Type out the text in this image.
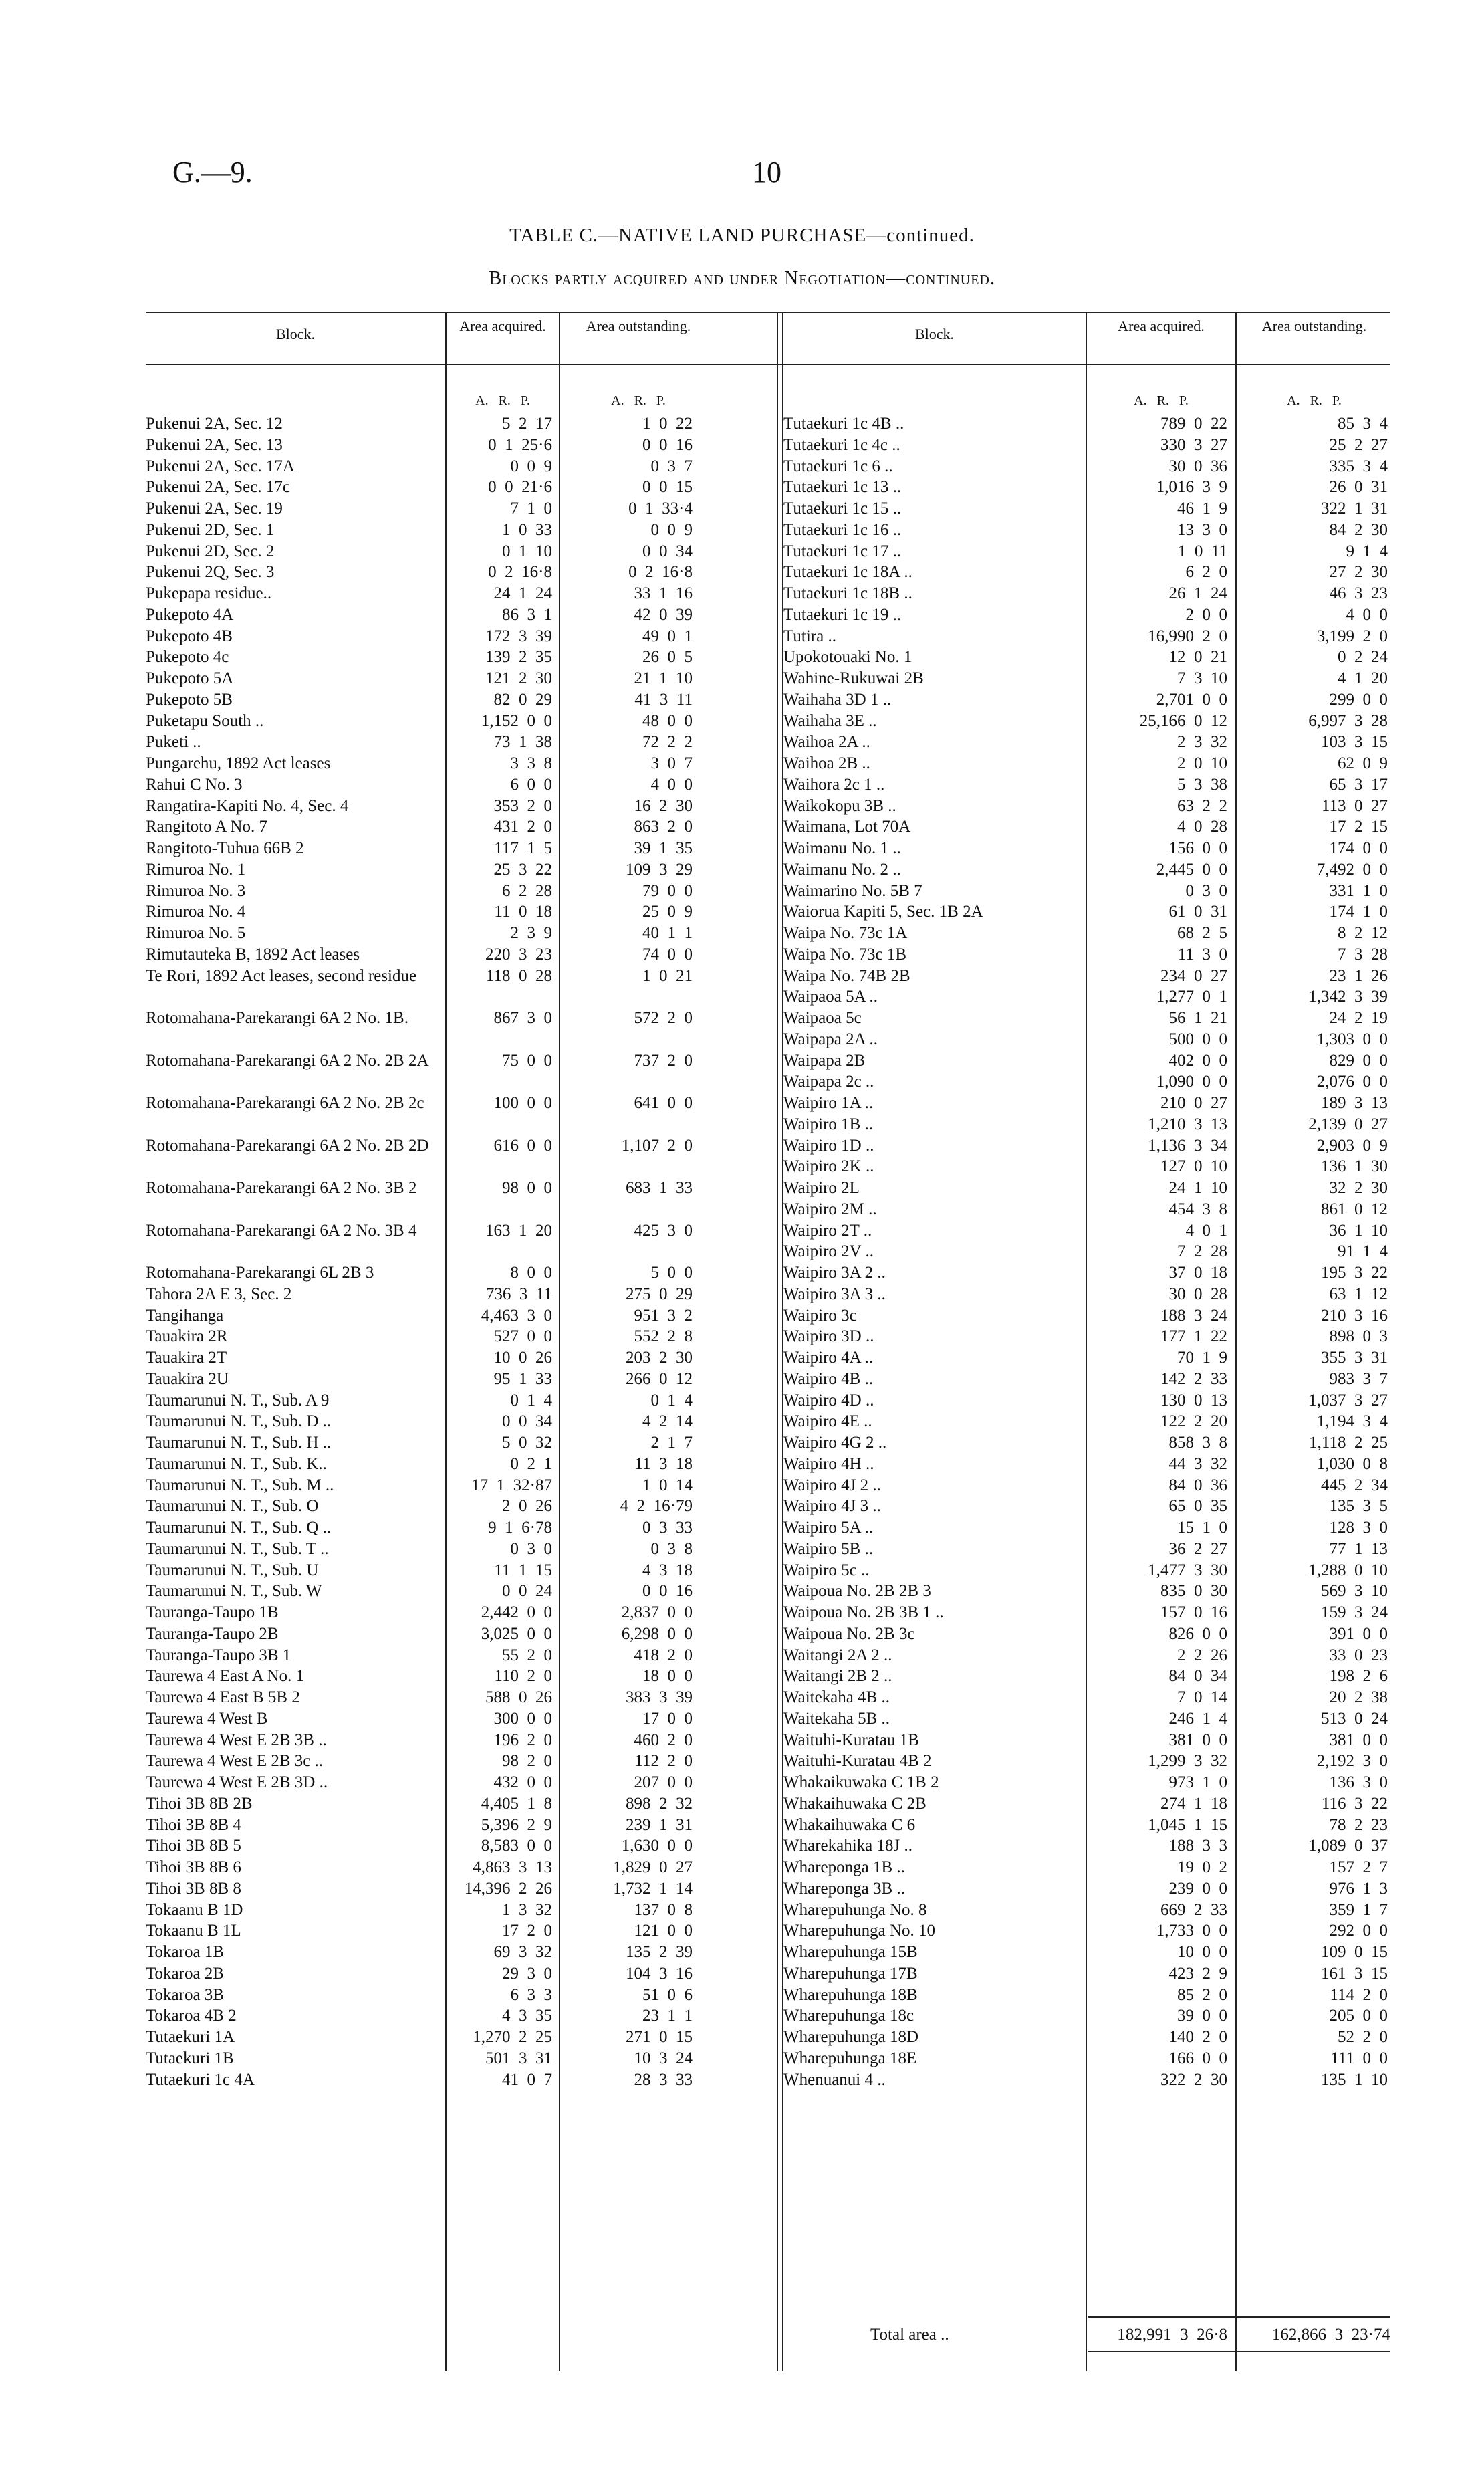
G.—9.	10
TABLE C.—NATIVE LAND PURCHASE—continued.
Blocks partly acquired and under Negotiation—continued.
Block.	Area acquired.	Area outstanding.	Block.	Area acquired.	Area outstanding.
A.   R.   P.	A.   R.   P.	A.   R.   P.	A.   R.   P.
Pukenui 2A, Sec. 12	5  2  17	1  0  22
Pukenui 2A, Sec. 13	0  1  25·6	0  0  16
Pukenui 2A, Sec. 17A	0  0  9	0  3  7
Pukenui 2A, Sec. 17c	0  0  21·6	0  0  15
Pukenui 2A, Sec. 19	7  1  0	0  1  33·4
Pukenui 2D, Sec. 1	1  0  33	0  0  9
Pukenui 2D, Sec. 2	0  1  10	0  0  34
Pukenui 2Q, Sec. 3	0  2  16·8	0  2  16·8
Pukepapa residue..	24  1  24	33  1  16
Pukepoto 4A	86  3  1	42  0  39
Pukepoto 4B	172  3  39	49  0  1
Pukepoto 4c	139  2  35	26  0  5
Pukepoto 5A	121  2  30	21  1  10
Pukepoto 5B	82  0  29	41  3  11
Puketapu South ..	1,152  0  0	48  0  0
Puketi ..	73  1  38	72  2  2
Pungarehu, 1892 Act leases	3  3  8	3  0  7
Rahui C No. 3	6  0  0	4  0  0
Rangatira-Kapiti No. 4, Sec. 4	353  2  0	16  2  30
Rangitoto A No. 7	431  2  0	863  2  0
Rangitoto-Tuhua 66B 2	117  1  5	39  1  35
Rimuroa No. 1	25  3  22	109  3  29
Rimuroa No. 3	6  2  28	79  0  0
Rimuroa No. 4	11  0  18	25  0  9
Rimuroa No. 5	2  3  9	40  1  1
Rimutauteka B, 1892 Act leases	220  3  23	74  0  0
Te Rori, 1892 Act leases, second residue	118  0  28	1  0  21
Rotomahana-Parekarangi 6A 2 No. 1B.	867  3  0	572  2  0
Rotomahana-Parekarangi 6A 2 No. 2B 2A	75  0  0	737  2  0
Rotomahana-Parekarangi 6A 2 No. 2B 2c	100  0  0	641  0  0
Rotomahana-Parekarangi 6A 2 No. 2B 2D	616  0  0	1,107  2  0
Rotomahana-Parekarangi 6A 2 No. 3B 2	98  0  0	683  1  33
Rotomahana-Parekarangi 6A 2 No. 3B 4	163  1  20	425  3  0
Rotomahana-Parekarangi 6L 2B 3	8  0  0	5  0  0
Tahora 2A E 3, Sec. 2	736  3  11	275  0  29
Tangihanga	4,463  3  0	951  3  2
Tauakira 2R	527  0  0	552  2  8
Tauakira 2T	10  0  26	203  2  30
Tauakira 2U	95  1  33	266  0  12
Taumarunui N. T., Sub. A 9	0  1  4	0  1  4
Taumarunui N. T., Sub. D ..	0  0  34	4  2  14
Taumarunui N. T., Sub. H ..	5  0  32	2  1  7
Taumarunui N. T., Sub. K..	0  2  1	11  3  18
Taumarunui N. T., Sub. M ..	17  1  32·87	1  0  14
Taumarunui N. T., Sub. O	2  0  26	4  2  16·79
Taumarunui N. T., Sub. Q ..	9  1  6·78	0  3  33
Taumarunui N. T., Sub. T ..	0  3  0	0  3  8
Taumarunui N. T., Sub. U	11  1  15	4  3  18
Taumarunui N. T., Sub. W	0  0  24	0  0  16
Tauranga-Taupo 1B	2,442  0  0	2,837  0  0
Tauranga-Taupo 2B	3,025  0  0	6,298  0  0
Tauranga-Taupo 3B 1	55  2  0	418  2  0
Taurewa 4 East A No. 1	110  2  0	18  0  0
Taurewa 4 East B 5B 2	588  0  26	383  3  39
Taurewa 4 West B	300  0  0	17  0  0
Taurewa 4 West E 2B 3B ..	196  2  0	460  2  0
Taurewa 4 West E 2B 3c ..	98  2  0	112  2  0
Taurewa 4 West E 2B 3D ..	432  0  0	207  0  0
Tihoi 3B 8B 2B	4,405  1  8	898  2  32
Tihoi 3B 8B 4	5,396  2  9	239  1  31
Tihoi 3B 8B 5	8,583  0  0	1,630  0  0
Tihoi 3B 8B 6	4,863  3  13	1,829  0  27
Tihoi 3B 8B 8	14,396  2  26	1,732  1  14
Tokaanu B 1D	1  3  32	137  0  8
Tokaanu B 1L	17  2  0	121  0  0
Tokaroa 1B	69  3  32	135  2  39
Tokaroa 2B	29  3  0	104  3  16
Tokaroa 3B	6  3  3	51  0  6
Tokaroa 4B 2	4  3  35	23  1  1
Tutaekuri 1A	1,270  2  25	271  0  15
Tutaekuri 1B	501  3  31	10  3  24
Tutaekuri 1c 4A	41  0  7	28  3  33
Tutaekuri 1c 4B ..	789  0  22	85  3  4
Tutaekuri 1c 4c ..	330  3  27	25  2  27
Tutaekuri 1c 6 ..	30  0  36	335  3  4
Tutaekuri 1c 13 ..	1,016  3  9	26  0  31
Tutaekuri 1c 15 ..	46  1  9	322  1  31
Tutaekuri 1c 16 ..	13  3  0	84  2  30
Tutaekuri 1c 17 ..	1  0  11	9  1  4
Tutaekuri 1c 18A ..	6  2  0	27  2  30
Tutaekuri 1c 18B ..	26  1  24	46  3  23
Tutaekuri 1c 19 ..	2  0  0	4  0  0
Tutira ..	16,990  2  0	3,199  2  0
Upokotouaki No. 1	12  0  21	0  2  24
Wahine-Rukuwai 2B	7  3  10	4  1  20
Waihaha 3D 1 ..	2,701  0  0	299  0  0
Waihaha 3E ..	25,166  0  12	6,997  3  28
Waihoa 2A ..	2  3  32	103  3  15
Waihoa 2B ..	2  0  10	62  0  9
Waihora 2c 1 ..	5  3  38	65  3  17
Waikokopu 3B ..	63  2  2	113  0  27
Waimana, Lot 70A	4  0  28	17  2  15
Waimanu No. 1 ..	156  0  0	174  0  0
Waimanu No. 2 ..	2,445  0  0	7,492  0  0
Waimarino No. 5B 7	0  3  0	331  1  0
Waiorua Kapiti 5, Sec. 1B 2A	61  0  31	174  1  0
Waipa No. 73c 1A	68  2  5	8  2  12
Waipa No. 73c 1B	11  3  0	7  3  28
Waipa No. 74B 2B	234  0  27	23  1  26
Waipaoa 5A ..	1,277  0  1	1,342  3  39
Waipaoa 5c	56  1  21	24  2  19
Waipapa 2A ..	500  0  0	1,303  0  0
Waipapa 2B	402  0  0	829  0  0
Waipapa 2c ..	1,090  0  0	2,076  0  0
Waipiro 1A ..	210  0  27	189  3  13
Waipiro 1B ..	1,210  3  13	2,139  0  27
Waipiro 1D ..	1,136  3  34	2,903  0  9
Waipiro 2K ..	127  0  10	136  1  30
Waipiro 2L	24  1  10	32  2  30
Waipiro 2M ..	454  3  8	861  0  12
Waipiro 2T ..	4  0  1	36  1  10
Waipiro 2V ..	7  2  28	91  1  4
Waipiro 3A 2 ..	37  0  18	195  3  22
Waipiro 3A 3 ..	30  0  28	63  1  12
Waipiro 3c	188  3  24	210  3  16
Waipiro 3D ..	177  1  22	898  0  3
Waipiro 4A ..	70  1  9	355  3  31
Waipiro 4B ..	142  2  33	983  3  7
Waipiro 4D ..	130  0  13	1,037  3  27
Waipiro 4E ..	122  2  20	1,194  3  4
Waipiro 4G 2 ..	858  3  8	1,118  2  25
Waipiro 4H ..	44  3  32	1,030  0  8
Waipiro 4J 2 ..	84  0  36	445  2  34
Waipiro 4J 3 ..	65  0  35	135  3  5
Waipiro 5A ..	15  1  0	128  3  0
Waipiro 5B ..	36  2  27	77  1  13
Waipiro 5c ..	1,477  3  30	1,288  0  10
Waipoua No. 2B 2B 3	835  0  30	569  3  10
Waipoua No. 2B 3B 1 ..	157  0  16	159  3  24
Waipoua No. 2B 3c	826  0  0	391  0  0
Waitangi 2A 2 ..	2  2  26	33  0  23
Waitangi 2B 2 ..	84  0  34	198  2  6
Waitekaha 4B ..	7  0  14	20  2  38
Waitekaha 5B ..	246  1  4	513  0  24
Waituhi-Kuratau 1B	381  0  0	381  0  0
Waituhi-Kuratau 4B 2	1,299  3  32	2,192  3  0
Whakaikuwaka C 1B 2	973  1  0	136  3  0
Whakaihuwaka C 2B	274  1  18	116  3  22
Whakaihuwaka C 6	1,045  1  15	78  2  23
Wharekahika 18J ..	188  3  3	1,089  0  37
Whareponga 1B ..	19  0  2	157  2  7
Whareponga 3B ..	239  0  0	976  1  3
Wharepuhunga No. 8	669  2  33	359  1  7
Wharepuhunga No. 10	1,733  0  0	292  0  0
Wharepuhunga 15B	10  0  0	109  0  15
Wharepuhunga 17B	423  2  9	161  3  15
Wharepuhunga 18B	85  2  0	114  2  0
Wharepuhunga 18c	39  0  0	205  0  0
Wharepuhunga 18D	140  2  0	52  2  0
Wharepuhunga 18E	166  0  0	111  0  0
Whenuanui 4 ..	322  2  30	135  1  10
Total area ..	182,991  3  26·8	162,866  3  23·74
